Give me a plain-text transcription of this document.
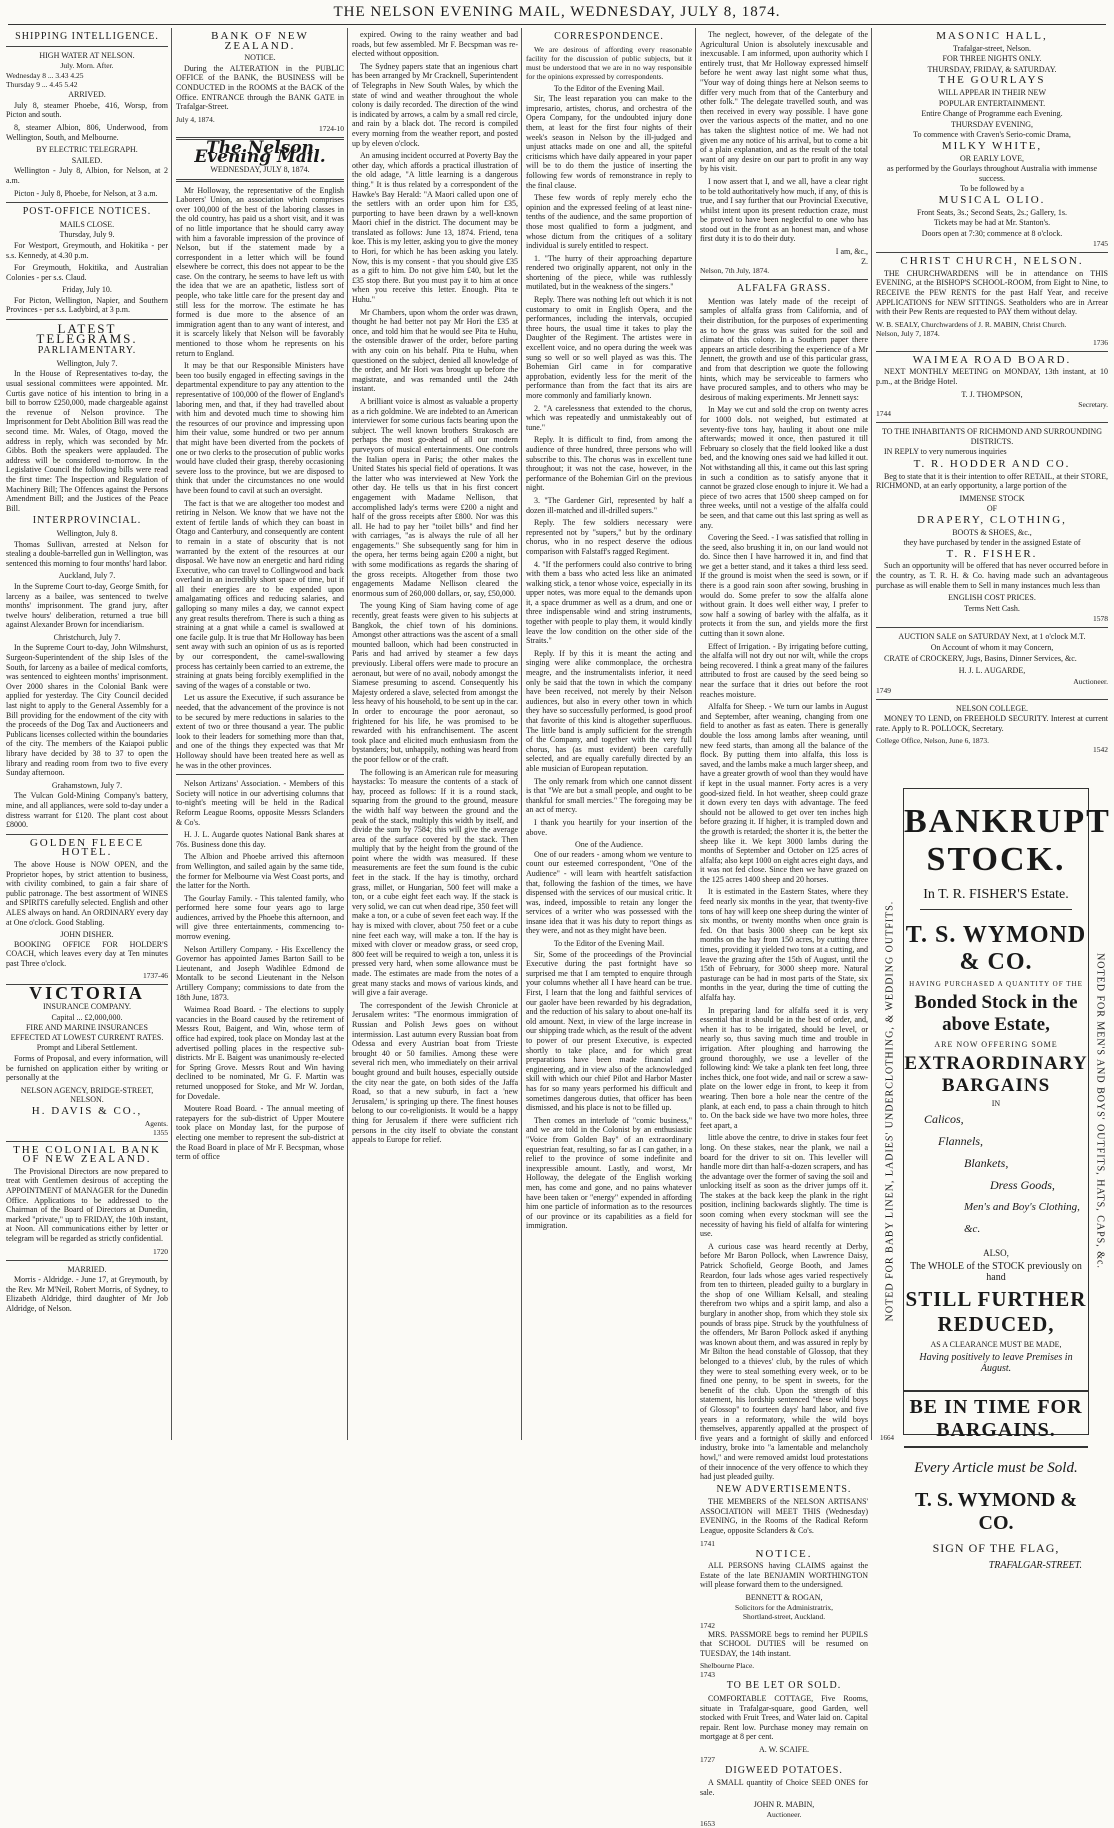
THE NELSON EVENING MAIL, WEDNESDAY, JULY 8, 1874.
SHIPPING INTELLIGENCE.
HIGH WATER AT NELSON.
July. Morn. After.
Wednesday 8 ... 3.43 4.25
Thursday 9 ... 4.45 5.42
ARRIVED.

July 8, steamer Phoebe, 416, Worsp, from Picton and south.

8, steamer Albion, 806, Underwood, from Wellington, South, and Melbourne.

BY ELECTRIC TELEGRAPH.
SAILED.

Wellington - July 8, Albion, for Nelson, at 2 a.m.

Picton - July 8, Phoebe, for Nelson, at 3 a.m.

POST-OFFICE NOTICES.
MAILS CLOSE.
Thursday, July 9.

For Westport, Greymouth, and Hokitika - per s.s. Kennedy, at 4.30 p.m.

For Greymouth, Hokitika, and Australian Colonies - per s.s. Claud.

Friday, July 10.

For Picton, Wellington, Napier, and Southern Provinces - per s.s. Ladybird, at 3 p.m.

LATEST TELEGRAMS.
PARLIAMENTARY.
Wellington, July 7.

In the House of Representatives to-day, the usual sessional committees were appointed. Mr. Curtis gave notice of his intention to bring in a bill to borrow £250,000, made chargeable against the revenue of Nelson province. The Imprisonment for Debt Abolition Bill was read the second time. Mr. Wales, of Otago, moved the address in reply, which was seconded by Mr. Gibbs. Both the speakers were applauded. The address will be considered to-morrow. In the Legislative Council the following bills were read the first time: The Inspection and Regulation of Machinery Bill; The Offences against the Persons Amendment Bill; and the Justices of the Peace Bill.

INTERPROVINCIAL.
Wellington, July 8.

Thomas Sullivan, arrested at Nelson for stealing a double-barrelled gun in Wellington, was sentenced this morning to four months' hard labor.

Auckland, July 7.

In the Supreme Court to-day, George Smith, for larceny as a bailee, was sentenced to twelve months' imprisonment. The grand jury, after twelve hours' deliberation, returned a true bill against Alexander Brown for incendiarism.

Christchurch, July 7.

In the Supreme Court to-day, John Wilmshurst, Surgeon-Superintendent of the ship Isles of the South, for larceny as a bailee of medical comforts, was sentenced to eighteen months' imprisonment. Over 2000 shares in the Colonial Bank were applied for yesterday. The City Council decided last night to apply to the General Assembly for a Bill providing for the endowment of the city with the proceeds of the Dog Tax and Auctioneers and Publicans licenses collected within the boundaries of the city. The members of the Kaiapoi public library have decided by 38 to 37 to open the library and reading room from two to five every Sunday afternoon.

Grahamstown, July 7.

The Vulcan Gold-Mining Company's battery, mine, and all appliances, were sold to-day under a distress warrant for £120. The plant cost about £8000.

GOLDEN FLEECE HOTEL.

The above House is NOW OPEN, and the Proprietor hopes, by strict attention to business, with civility combined, to gain a fair share of public patronage. The best assortment of WINES and SPIRITS carefully selected. English and other ALES always on hand. An ORDINARY every day at One o'clock. Good Stabling.

JOHN DISHER.

BOOKING OFFICE FOR HOLDER'S COACH, which leaves every day at Ten minutes past Three o'clock.

1737-46
VICTORIA
INSURANCE COMPANY.
Capital ... £2,000,000.
FIRE AND MARINE INSURANCES EFFECTED AT LOWEST CURRENT RATES.
Prompt and Liberal Settlement.

Forms of Proposal, and every information, will be furnished on application either by writing or personally at the

NELSON AGENCY, BRIDGE-STREET, NELSON.
H. DAVIS & CO.,
Agents.
1355
THE COLONIAL BANK OF NEW ZEALAND.

The Provisional Directors are now prepared to treat with Gentlemen desirous of accepting the APPOINTMENT of MANAGER for the Dunedin Office. Applications to be addressed to the Chairman of the Board of Directors at Dunedin, marked "private," up to FRIDAY, the 10th instant, at Noon. All communications either by letter or telegram will be regarded as strictly confidential.

1720
MARRIED.

Morris - Aldridge. - June 17, at Greymouth, by the Rev. Mr M'Neil, Robert Morris, of Sydney, to Elizabeth Aldridge, third daughter of Mr Job Aldridge, of Nelson.

BANK OF NEW ZEALAND.
NOTICE.

During the ALTERATION in the PUBLIC OFFICE of the BANK, the BUSINESS will be CONDUCTED in the ROOMS at the BACK of the Office. ENTRANCE through the BANK GATE in Trafalgar-Street.

July 4, 1874.
1724-10
The Nelson Evening Mail.
WEDNESDAY, JULY 8, 1874.

Mr Holloway, the representative of the English Laborers' Union, an association which comprises over 100,000 of the best of the laboring classes in the old country, has paid us a short visit, and it was of no little importance that he should carry away with him a favorable impression of the province of Nelson, but if the statement made by a correspondent in a letter which will be found elsewhere be correct, this does not appear to be the case. On the contrary, he seems to have left us with the idea that we are an apathetic, listless sort of people, who take little care for the present day and still less for the morrow. The estimate he has formed is due more to the absence of an immigration agent than to any want of interest, and it is scarcely likely that Nelson will be favorably mentioned to those whom he represents on his return to England.

It may be that our Responsible Ministers have been too busily engaged in effecting savings in the departmental expenditure to pay any attention to the representative of 100,000 of the flower of England's laboring men, and that, if they had travelled about with him and devoted much time to showing him the resources of our province and impressing upon him their value, some hundred or two per annum that might have been diverted from the pockets of one or two clerks to the prosecution of public works would have cluded their grasp, thereby occasioning severe loss to the province, but we are disposed to think that under the circumstances no one would have been found to cavil at such an oversight.

The fact is that we are altogether too modest and retiring in Nelson. We know that we have not the extent of fertile lands of which they can boast in Otago and Canterbury, and consequently are content to remain in a state of obscurity that is not warranted by the extent of the resources at our disposal. We have now an energetic and hard riding Executive, who can travel to Collingwood and back overland in an incredibly short space of time, but if all their energies are to be expended upon amalgamating offices and reducing salaries, and galloping so many miles a day, we cannot expect any great results therefrom. There is such a thing as straining at a gnat while a camel is swallowed at one facile gulp. It is true that Mr Holloway has been sent away with such an opinion of us as is reported by our correspondent, the camel-swallowing process has certainly been carried to an extreme, the straining at gnats being forcibly exemplified in the saving of the wages of a constable or two.

Let us assure the Executive, if such assurance be needed, that the advancement of the province is not to be secured by mere reductions in salaries to the extent of two or three thousand a year. The public look to their leaders for something more than that, and one of the things they expected was that Mr Holloway should have been treated here as well as he was in the other provinces.

Nelson Artizans' Association. - Members of this Society will notice in our advertising columns that to-night's meeting will be held in the Radical Reform League Rooms, opposite Messrs Sclanders & Co's.

H. J. L. Augarde quotes National Bank shares at 76s. Business done this day.

The Albion and Phoebe arrived this afternoon from Wellington, and sailed again by the same tide, the former for Melbourne via West Coast ports, and the latter for the North.

The Gourlay Family. - This talented family, who performed here some four years ago to large audiences, arrived by the Phoebe this afternoon, and will give three entertainments, commencing to-morrow evening.

Nelson Artillery Company. - His Excellency the Governor has appointed James Barton Saill to be Lieutenant, and Joseph Wadihlee Edmond de Montalk to be second Lieutenant in the Nelson Artillery Company; commissions to date from the 18th June, 1873.

Waimea Road Board. - The elections to supply vacancies in the Board caused by the retirement of Messrs Rout, Baigent, and Win, whose term of office had expired, took place on Monday last at the advertised polling places in the respective sub-districts. Mr E. Baigent was unanimously re-elected for Spring Grove. Messrs Rout and Win having declined to be nominated, Mr G. F. Martin was returned unopposed for Stoke, and Mr W. Jordan, for Dovedale.

Moutere Road Board. - The annual meeting of ratepayers for the sub-district of Upper Moutere took place on Monday last, for the purpose of electing one member to represent the sub-district at the Road Board in place of Mr F. Becspman, whose term of office

expired. Owing to the rainy weather and bad roads, but few assembled. Mr F. Becspman was re-elected without opposition.

The Sydney papers state that an ingenious chart has been arranged by Mr Cracknell, Superintendent of Telegraphs in New South Wales, by which the state of wind and weather throughout the whole colony is daily recorded. The direction of the wind is indicated by arrows, a calm by a small red circle, and rain by a black dot. The record is compiled every morning from the weather report, and posted up by eleven o'clock.

An amusing incident occurred at Poverty Bay the other day, which affords a practical illustration of the old adage, "A little learning is a dangerous thing." It is thus related by a correspondent of the Hawke's Bay Herald: "A Maori called upon one of the settlers with an order upon him for £35, purporting to have been drawn by a well-known Maori chief in the district. The document may be translated as follows: June 13, 1874. Friend, tena koe. This is my letter, asking you to give the money to Hori, for which he has been asking you lately. Now, this is my consent - that you should give £35 as a gift to him. Do not give him £40, but let the £35 stop there. But you must pay it to him at once when you receive this letter. Enough. Pita te Huhu."

Mr Chambers, upon whom the order was drawn, thought he had better not pay Mr Hori the £35 at once, and told him that he would see Pita te Huhu, the ostensible drawer of the order, before parting with any coin on his behalf. Pita te Huhu, when questioned on the subject, denied all knowledge of the order, and Mr Hori was brought up before the magistrate, and was remanded until the 24th instant.

A brilliant voice is almost as valuable a property as a rich goldmine. We are indebted to an American interviewer for some curious facts bearing upon the subject. The well known brothers Strakosch are perhaps the most go-ahead of all our modern purveyors of musical entertainments. One controls the Italian opera in Paris; the other makes the United States his special field of operations. It was the latter who was interviewed at New York the other day. He tells us that in his first concert engagement with Madame Nellison, that accomplished lady's terms were £200 a night and half of the gross receipts after £800. Nor was this all. He had to pay her "toilet bills" and find her with carriages, "as is always the rule of all her engagements." She subsequently sang for him in the opera, her terms being again £200 a night, but with some modifications as regards the sharing of the gross receipts. Altogether from those two engagements Madame Nellison cleared the enormous sum of 260,000 dollars, or, say, £50,000.

The young King of Siam having come of age recently, great feasts were given to his subjects at Bangkok, the chief town of his dominions. Amongst other attractions was the ascent of a small mounted balloon, which had been constructed in Paris and had arrived by steamer a few days previously. Liberal offers were made to procure an aeronaut, but were of no avail, nobody amongst the Siamese presuming to ascend. Consequently his Majesty ordered a slave, selected from amongst the less heavy of his household, to be sent up in the car. In order to encourage the poor aeronaut, so frightened for his life, he was promised to be rewarded with his enfranchisement. The ascent took place and elicited much enthusiasm from the bystanders; but, unhappily, nothing was heard from the poor fellow or of the craft.

The following is an American rule for measuring haystacks: To measure the contents of a stack of hay, proceed as follows: If it is a round stack, squaring from the ground to the ground, measure the width half way between the ground and the peak of the stack, multiply this width by itself, and divide the sum by 7584; this will give the average area of the surface covered by the stack. Then multiply that by the height from the ground of the point where the width was measured. If these measurements are feet the sum found is the cubic feet in the stack. If the hay is timothy, orchard grass, millet, or Hungarian, 500 feet will make a ton, or a cube eight feet each way. If the stack is very solid, we can cut when dead ripe, 350 feet will make a ton, or a cube of seven feet each way. If the hay is mixed with clover, about 750 feet or a cube nine feet each way, will make a ton. If the hay is mixed with clover or meadow grass, or seed crop, 800 feet will be required to weigh a ton, unless it is pressed very hard, when some allowance must be made. The estimates are made from the notes of a great many stacks and mows of various kinds, and will give a fair average.

The correspondent of the Jewish Chronicle at Jerusalem writes: "The enormous immigration of Russian and Polish Jews goes on without intermission. Last autumn every Russian boat from Odessa and every Austrian boat from Trieste brought 40 or 50 families. Among these were several rich men, who immediately on their arrival bought ground and built houses, especially outside the city near the gate, on both sides of the Jaffa Road, so that a new suburb, in fact a 'new Jerusalem,' is springing up there. The finest houses belong to our co-religionists. It would be a happy thing for Jerusalem if there were sufficient rich persons in the city itself to obviate the constant appeals to Europe for relief.

CORRESPONDENCE.

We are desirous of affording every reasonable facility for the discussion of public subjects, but it must be understood that we are in no way responsible for the opinions expressed by correspondents.

To the Editor of the Evening Mail.

Sir, The least reparation you can make to the impresario, artistes, chorus, and orchestra of the Opera Company, for the undoubted injury done them, at least for the first four nights of their week's season in Nelson by the ill-judged and unjust attacks made on one and all, the spiteful criticisms which have daily appeared in your paper will be to do them the justice of inserting the following few words of remonstrance in reply to the final clause.

These few words of reply merely echo the opinion and the expressed feeling of at least nine-tenths of the audience, and the same proportion of those most qualified to form a judgment, and whose dictum from the critiques of a solitary individual is surely entitled to respect.

1. "The hurry of their approaching departure rendered two originally apparent, not only in the shortening of the piece, while was ruthlessly mutilated, but in the weakness of the singers."

Reply. There was nothing left out which it is not customary to omit in English Opera, and the performances, including the intervals, occupied three hours, the usual time it takes to play the Daughter of the Regiment. The artistes were in excellent voice, and no opera during the week was sung so well or so well played as was this. The Bohemian Girl came in for comparative approbation, evidently less for the merit of the performance than from the fact that its airs are more commonly and familiarly known.

2. "A carelessness that extended to the chorus, which was repeatedly and unmistakeably out of tune."

Reply. It is difficult to find, from among the audience of three hundred, three persons who will subscribe to this. The chorus was in excellent tune throughout; it was not the case, however, in the performance of the Bohemian Girl on the previous night.

3. "The Gardener Girl, represented by half a dozen ill-matched and ill-drilled supers."

Reply. The few soldiers necessary were represented not by "supers," but by the ordinary chorus, who in no respect deserve the odious comparison with Falstaff's ragged Regiment.

4. "If the performers could also contrive to bring with them a bass who acted less like an animated walking stick, a tenor whose voice, especially in its upper notes, was more equal to the demands upon it, a space drummer as well as a drum, and one or three indispensable wind and string instruments, together with people to play them, it would kindly leave the low condition on the other side of the Straits."

Reply. If by this it is meant the acting and singing were alike commonplace, the orchestra meagre, and the instrumentalists inferior, it need only be said that the town in which the company have been received, not merely by their Nelson audiences, but also in every other town in which they have so successfully performed, is good proof that favorite of this kind is altogether superfluous. The little band is amply sufficient for the strength of the Company, and together with the very full chorus, has (as must evident) been carefully selected, and are equally carefully directed by an able musician of European reputation.

The only remark from which one cannot dissent is that "We are but a small people, and ought to be thankful for small mercies." The foregoing may be an act of mercy.

I thank you heartily for your insertion of the above.

One of the Audience.

One of our readers - among whom we venture to count our esteemed correspondent, "One of the Audience" - will learn with heartfelt satisfaction that, following the fashion of the times, we have dispensed with the services of our musical critic. It was, indeed, impossible to retain any longer the services of a writer who was possessed with the insane idea that it was his duty to report things as they were, and not as they might have been.

To the Editor of the Evening Mail.

Sir, Some of the proceedings of the Provincial Executive during the past fortnight have so surprised me that I am tempted to enquire through your columns whether all I have heard can be true. First, I learn that the long and faithful services of our gaoler have been rewarded by his degradation, and the reduction of his salary to about one-half its old amount. Next, in view of the large increase in our shipping trade which, as the result of the advent to power of our present Executive, is expected shortly to take place, and for which great preparations have been made financial and engineering, and in view also of the acknowledged skill with which our chief Pilot and Harbor Master has for so many years performed his difficult and sometimes dangerous duties, that officer has been dismissed, and his place is not to be filled up.

Then comes an interlude of "comic business," and we are told in the Colonist by an enthusiastic "Voice from Golden Bay" of an extraordinary equestrian feat, resulting, so far as I can gather, in a relief to the province of some indefinite and inexpressible amount. Lastly, and worst, Mr Holloway, the delegate of the English working men, has come and gone, and no pains whatever have been taken or "energy" expended in affording him one particle of information as to the resources of our province or its capabilities as a field for immigration.

The neglect, however, of the delegate of the Agricultural Union is absolutely inexcusable and inexcusable. I am informed, upon authority which I entirely trust, that Mr Holloway expressed himself before he went away last night some what thus, "Your way of doing things here at Nelson seems to differ very much from that of the Canterbury and other folk." The delegate travelled south, and was then received in every way possible. I have gone over the various aspects of the matter, and no one has taken the slightest notice of me. We had not given me any notice of his arrival, but to come a bit of a plain explanation, and as the result of the total want of any desire on our part to profit in any way by his visit.

I now assert that I, and we all, have a clear right to be told authoritatively how much, if any, of this is true, and I say further that our Provincial Executive, whilst intent upon its present reduction craze, must be proved to have been neglectful to one who has stood out in the front as an honest man, and whose first duty it is to do their duty.

I am, &c.,
Z.
Nelson, 7th July, 1874.
ALFALFA GRASS.

Mention was lately made of the receipt of samples of alfalfa grass from California, and of their distribution, for the purposes of experimenting as to how the grass was suited for the soil and climate of this colony. In a Southern paper there appears an article describing the experience of a Mr Jennett, the growth and use of this particular grass, and from that description we quote the following hints, which may be serviceable to farmers who have procured samples, and to others who may be desirous of making experiments. Mr Jennett says:

In May we cut and sold the crop on twenty acres for 1000 dols. not weighed, but estimated at seventy-five tons hay, hauling it about one mile afterwards; mowed it once, then pastured it till February so closely that the field looked like a dust bed, and the knowing ones said we had killed it out. Not withstanding all this, it came out this last spring in such a condition as to satisfy anyone that it cannot be grazed close enough to injure it. We had a piece of two acres that 1500 sheep camped on for three weeks, until not a vestige of the alfalfa could be seen, and that came out this last spring as well as any.

Covering the Seed. - I was satisfied that rolling in the seed, also brushing it in, on our land would not do. Since then I have harrowed it in, and find that we get a better stand, and it takes a third less seed. If the ground is moist when the seed is sown, or if there is a good rain soon after sowing, brushing in would do. Some prefer to sow the alfalfa alone without grain. It does well either way, I prefer to sow half a sowing of barley with the alfalfa, as it protects it from the sun, and yields more the first cutting than it sown alone.

Effect of Irrigation. - By irrigating before cutting, the alfalfa will not dry out nor wilt, while the crops being recovered. I think a great many of the failures attributed to frost are caused by the seed being so near the surface that it dries out before the root reaches moisture.

Alfalfa for Sheep. - We turn our lambs in August and September, after weaning, changing from one field to another as fast as eaten. There is generally double the loss among lambs after weaning, until new feed starts, than among all the balance of the flock. By putting them into alfalfa, this loss is saved, and the lambs make a much larger sheep, and have a greater growth of wool than they would have if kept in the usual manner. Forty acres is a very good-sized field. In hot weather, sheep could graze it down every ten days with advantage. The feed should not be allowed to get over ten inches high before grazing it. If higher, it is trampled down and the growth is retarded; the shorter it is, the better the sheep like it. We kept 3000 lambs during the months of September and October on 125 acres of alfalfa; also kept 1000 on eight acres eight days, and it was not fed close. Since then we have grazed on the 125 acres 1400 sheep and 20 horses.

It is estimated in the Eastern States, where they feed nearly six months in the year, that twenty-five tons of hay will keep one sheep during the winter of six months, or twenty months when once grain is fed. On that basis 3000 sheep can be kept six months on the hay from 150 acres, by cutting three times, providing it yielded two tons at a cutting, and leave the grazing after the 15th of August, until the 15th of February, for 3000 sheep more. Natural pasturage can be had in most parts of the State, six months in the year, during the time of cutting the alfalfa hay.

In preparing land for alfalfa seed it is very essential that it should be in the best of order, and, when it has to be irrigated, should be level, or nearly so, thus saving much time and trouble in irrigation. After ploughing and harrowing the ground thoroughly, we use a leveller of the following kind: We take a plank ten feet long, three inches thick, one foot wide, and nail or screw a saw-plate on the lower edge in front, to keep it from wearing. Then bore a hole near the centre of the plank, at each end, to pass a chain through to hitch to. On the back side we have two more holes, three feet apart, a

little above the centre, to drive in stakes four feet long. On these stakes, near the plank, we nail a board for the driver to sit on. This leveller will handle more dirt than half-a-dozen scrapers, and has the advantage over the former of saving the soil and unlocking itself as soon as the driver jumps off it. The stakes at the back keep the plank in the right position, inclining backwards slightly. The time is soon coming when every stockman will see the necessity of having his field of alfalfa for wintering use.

A curious case was heard recently at Derby, before Mr Baron Pollock, when Lawrence Daisy, Patrick Schofield, George Booth, and James Reardon, four lads whose ages varied respectively from ten to thirteen, pleaded guilty to a burglary in the shop of one William Kelsall, and stealing therefrom two whips and a spirit lamp, and also a burglary in another shop, from which they stole six pounds of brass pipe. Struck by the youthfulness of the offenders, Mr Baron Pollock asked if anything was known about them, and was assured in reply by Mr Bilton the head constable of Glossop, that they belonged to a thieves' club, by the rules of which they were to steal something every week, or to be fined one penny, to be spent in sweets, for the benefit of the club. Upon the strength of this statement, his lordship sentenced "these wild boys of Glossop" to fourteen days' hard labor, and five years in a reformatory, while the wild boys themselves, apparently appalled at the prospect of five years and a fortnight of skilly and enforced industry, broke into "a lamentable and melancholy howl," and were removed amidst loud protestations of their innocence of the very offence to which they had just pleaded guilty.

NEW ADVERTISEMENTS.

THE MEMBERS of the NELSON ARTISANS' ASSOCIATION will MEET THIS (Wednesday) EVENING, in the Rooms of the Radical Reform League, opposite Sclanders & Co's.

1741
NOTICE.

ALL PERSONS having CLAIMS against the Estate of the late BENJAMIN WORTHINGTON will please forward them to the undersigned.

BENNETT & ROGAN,
Solicitors for the Administratrix,
Shortland-street, Auckland.
1742

MRS. PASSMORE begs to remind her PUPILS that SCHOOL DUTIES will be resumed on TUESDAY, the 14th instant.

Shelbourne Place.
1743
TO BE LET OR SOLD.

COMFORTABLE COTTAGE, Five Rooms, situate in Trafalgar-square, good Garden, well stocked with Fruit Trees, and Water laid on. Capital repair. Rent low. Purchase money may remain on mortgage at 8 per cent.

A. W. SCAIFE.
1727
DIGWEED POTATOES.

A SMALL quantity of Choice SEED ONES for sale.

JOHN R. MABIN,
Auctioneer.
1653
MASONIC HALL,
Trafalgar-street, Nelson.
FOR THREE NIGHTS ONLY.
THURSDAY, FRIDAY, & SATURDAY.
THE GOURLAYS
WILL APPEAR IN THEIR NEW
POPULAR ENTERTAINMENT.
Entire Change of Programme each Evening.
THURSDAY EVENING,
To commence with Craven's Serio-comic Drama,
MILKY WHITE,
OR EARLY LOVE,
as performed by the Gourlays throughout Australia with immense success.
To be followed by a
MUSICAL OLIO.
Front Seats, 3s.; Second Seats, 2s.; Gallery, 1s.
Tickets may be had at Mr. Stanton's.
Doors open at 7:30; commence at 8 o'clock.
1745
CHRIST CHURCH, NELSON.

THE CHURCHWARDENS will be in attendance on THIS EVENING, at the BISHOP'S SCHOOL-ROOM, from Eight to Nine, to RECEIVE the PEW RENTS for the past Half Year, and receive APPLICATIONS for NEW SITTINGS. Seatholders who are in Arrear with their Pew Rents are requested to PAY them without delay.

W. B. SEALY, Churchwardens of J. R. MABIN, Christ Church.
Nelson, July 7, 1874.
1736
WAIMEA ROAD BOARD.

NEXT MONTHLY MEETING on MONDAY, 13th instant, at 10 p.m., at the Bridge Hotel.

T. J. THOMPSON,
Secretary.
1744
TO THE INHABITANTS OF RICHMOND AND SURROUNDING DISTRICTS.

IN REPLY to very numerous inquiries

T. R. HODDER AND CO.

Beg to state that it is their intention to offer RETAIL, at their STORE, RICHMOND, at an early opportunity, a large portion of the

IMMENSE STOCK
OF
DRAPERY, CLOTHING,
BOOTS & SHOES, &c.,
they have purchased by tender in the assigned Estate of
T. R. FISHER.

Such an opportunity will be offered that has never occurred before in the country, as T. R. H. & Co. having made such an advantageous purchase as will enable them to Sell in many instances much less than

ENGLISH COST PRICES.
Terms Nett Cash.
1578
AUCTION SALE on SATURDAY Next, at 1 o'clock M.T.
On Account of whom it may Concern,

CRATE of CROCKERY, Jugs, Basins, Dinner Services, &c.

H. J. L. AUGARDE,
Auctioneer.
1749
NELSON COLLEGE.

MONEY TO LEND, on FREEHOLD SECURITY. Interest at current rate. Apply to R. POLLOCK, Secretary.

College Office, Nelson, June 6, 1873.
1542
NOTED FOR BABY LINEN, LADIES' UNDERCLOTHING, & WEDDING OUTFITS.
BANKRUPT STOCK.
In T. R. FISHER'S Estate.
T. S. WYMOND & CO.
HAVING PURCHASED A QUANTITY OF THE
Bonded Stock in the above Estate,
ARE NOW OFFERING SOME
EXTRAORDINARY BARGAINS
IN
Calicos,
Flannels,
Blankets,
Dress Goods,
Men's and Boy's Clothing, &c.
ALSO,
The WHOLE of the STOCK previously on hand
STILL FURTHER REDUCED,
AS A CLEARANCE MUST BE MADE,
Having positively to leave Premises in August.
BE IN TIME FOR BARGAINS.
Every Article must be Sold.
T. S. WYMOND & CO.
SIGN OF THE FLAG,
TRAFALGAR-STREET.
NOTED FOR MEN'S AND BOYS' OUTFITS, HATS, CAPS, &c.
1664
